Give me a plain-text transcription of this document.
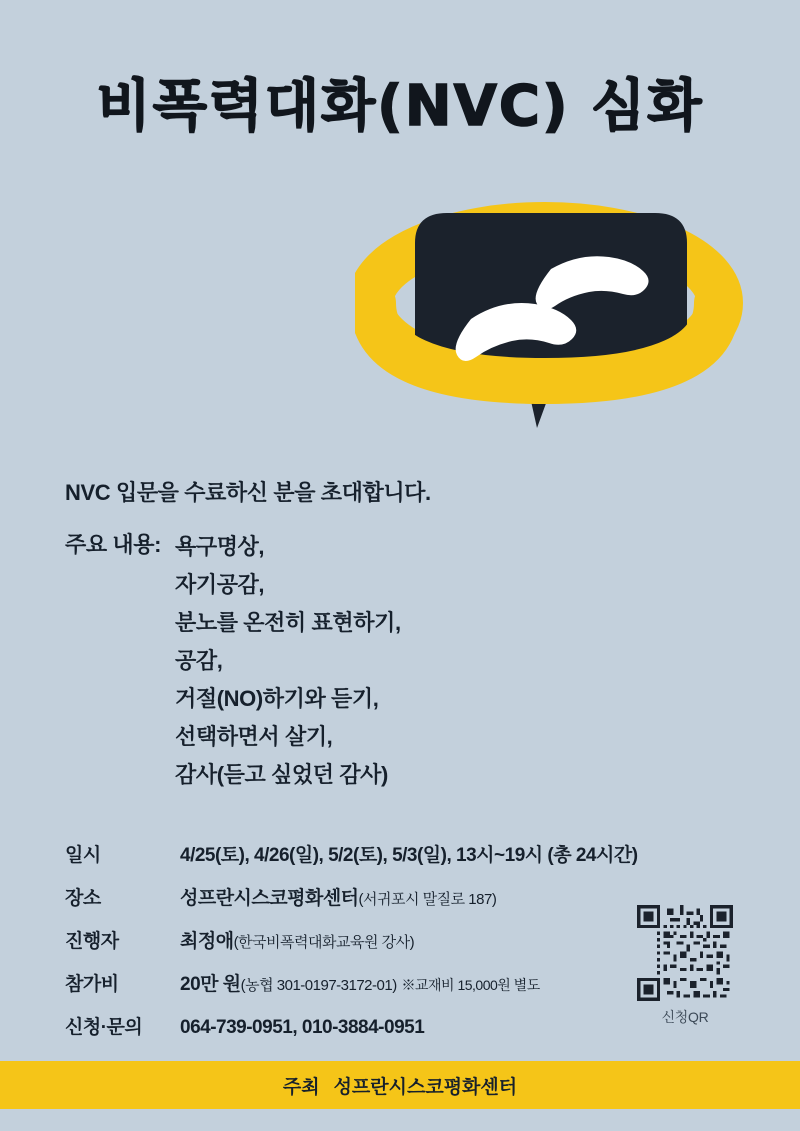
비폭력대화(NVC) 심화
NVC 입문을 수료하신 분을 초대합니다.
주요 내용: 욕구명상,
자기공감,
분노를 온전히 표현하기,
공감,
거절(NO)하기와 듣기,
선택하면서 살기,
감사(듣고 싶었던 감사)
일시	4/25(토), 4/26(일), 5/2(토), 5/3(일), 13시~19시 (총 24시간)
장소	성프란시스코평화센터(서귀포시 말질로 187)
진행자	최정애(한국비폭력대화교육원 강사)
참가비	20만 원(농협 301-0197-3172-01) ※교재비 15,000원 별도
신청·문의	064-739-0951, 010-3884-0951	신청QR
주최 성프란시스코평화센터
